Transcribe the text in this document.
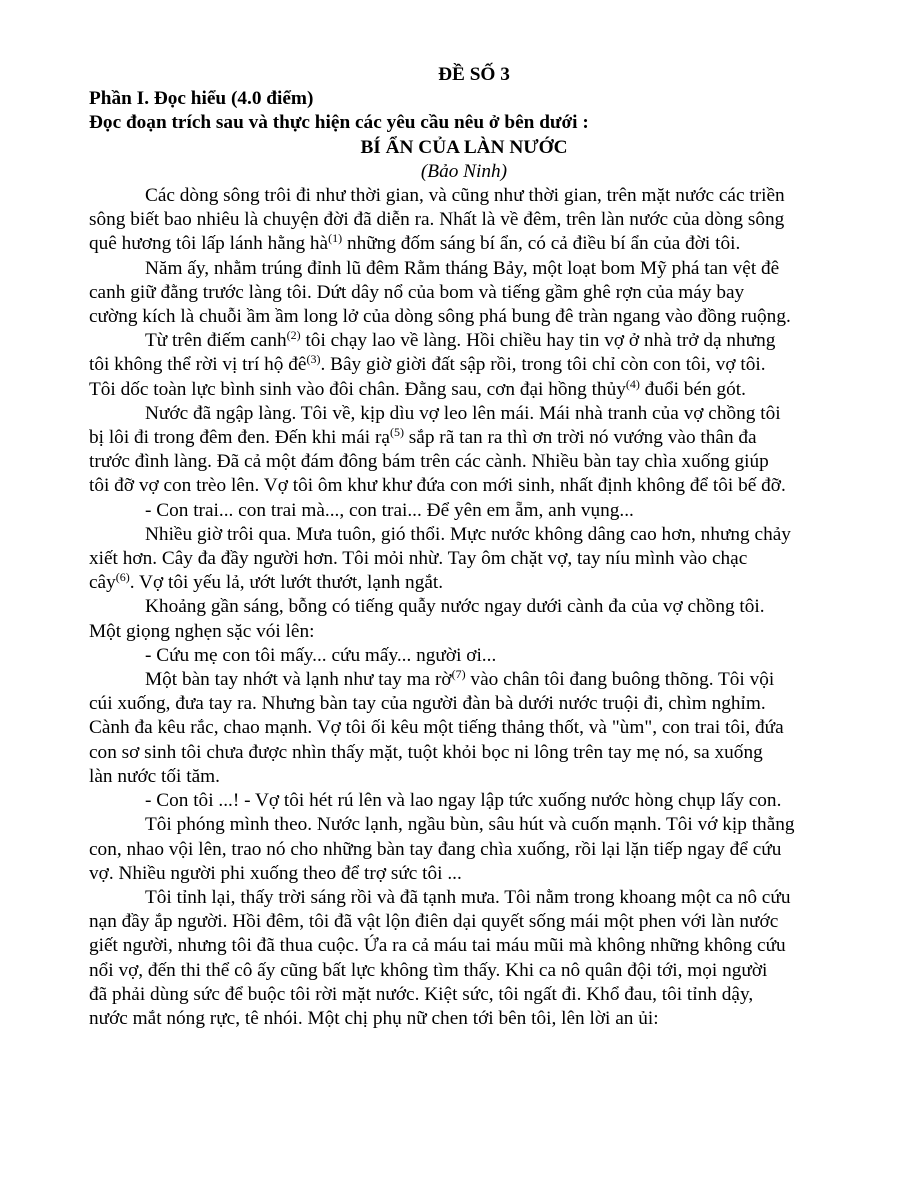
ĐỀ SỐ 3
Phần I. Đọc hiểu (4.0 điểm)
Đọc đoạn trích sau và thực hiện các yêu cầu nêu ở bên dưới :
BÍ ẨN CỦA LÀN NƯỚC
(Bảo Ninh)
Các dòng sông trôi đi như thời gian, và cũng như thời gian, trên mặt nước các triền
sông biết bao nhiêu là chuyện đời đã diễn ra. Nhất là về đêm, trên làn nước của dòng sông
quê hương tôi lấp lánh hằng $hà^{(1)}$ những đốm sáng bí ẩn, có cả điều bí ẩn của đời tôi.
Năm ấy, nhằm trúng đỉnh lũ đêm Rằm tháng Bảy, một loạt bom Mỹ phá tan vệt đê
canh giữ đằng trước làng tôi. Dứt dây nổ của bom và tiếng gầm ghê rợn của máy bay
cường kích là chuỗi ầm ầm long lở của dòng sông phá bung đê tràn ngang vào đồng ruộng.
Từ trên điếm canh$^{(2)}$ tôi chạy lao về làng. Hồi chiều hay tin vợ ở nhà trở dạ nhưng
tôi không thể rời vị trí hộ $đê^{(3)}$. Bây giờ giời đất sập rồi, trong tôi chỉ còn con tôi, vợ tôi.
Tôi dốc toàn lực bình sinh vào đôi chân. Đằng sau, cơn đại hồng thủy$^{(4)}$ đuổi bén gót.
Nước đã ngập làng. Tôi về, kịp dìu vợ leo lên mái. Mái nhà tranh của vợ chồng tôi
bị lôi đi trong đêm đen. Đến khi mái rạ$^{(5)}$ sắp rã tan ra thì ơn trời nó vướng vào thân đa
trước đình làng. Đã cả một đám đông bám trên các cành. Nhiều bàn tay chìa xuống giúp
tôi đỡ vợ con trèo lên. Vợ tôi ôm khư khư đứa con mới sinh, nhất định không để tôi bế đỡ.
- Con trai... con trai mà..., con trai... Để yên em ẵm, anh vụng...
Nhiều giờ trôi qua. Mưa tuôn, gió thổi. Mực nước không dâng cao hơn, nhưng chảy
xiết hơn. Cây đa đầy người hơn. Tôi mỏi nhừ. Tay ôm chặt vợ, tay níu mình vào chạc
cây$^{(6)}$. Vợ tôi yếu lả, ướt lướt thướt, lạnh ngắt.
Khoảng gần sáng, bỗng có tiếng quẫy nước ngay dưới cành đa của vợ chồng tôi.
Một giọng nghẹn sặc vói lên:
- Cứu mẹ con tôi mấy... cứu mấy... người ơi...
Một bàn tay nhớt và lạnh như tay ma rờ$^{(7)}$ vào chân tôi đang buông thõng. Tôi vội
cúi xuống, đưa tay ra. Nhưng bàn tay của người đàn bà dưới nước truội đi, chìm nghỉm.
Cành đa kêu rắc, chao mạnh. Vợ tôi ối kêu một tiếng thảng thốt, và "ùm", con trai tôi, đứa
con sơ sinh tôi chưa được nhìn thấy mặt, tuột khỏi bọc ni lông trên tay mẹ nó, sa xuống
làn nước tối tăm.
- Con tôi ...! - Vợ tôi hét rú lên và lao ngay lập tức xuống nước hòng chụp lấy con.
Tôi phóng mình theo. Nước lạnh, ngầu bùn, sâu hút và cuốn mạnh. Tôi vớ kịp thằng
con, nhao vội lên, trao nó cho những bàn tay đang chìa xuống, rồi lại lặn tiếp ngay để cứu
vợ. Nhiều người phi xuống theo để trợ sức tôi ...
Tôi tỉnh lại, thấy trời sáng rồi và đã tạnh mưa. Tôi nằm trong khoang một ca nô cứu
nạn đầy ắp người. Hồi đêm, tôi đã vật lộn điên dại quyết sống mái một phen với làn nước
giết người, nhưng tôi đã thua cuộc. Ứa ra cả máu tai máu mũi mà không những không cứu
nổi vợ, đến thi thể cô ấy cũng bất lực không tìm thấy. Khi ca nô quân đội tới, mọi người
đã phải dùng sức để buộc tôi rời mặt nước. Kiệt sức, tôi ngất đi. Khổ đau, tôi tỉnh dậy,
nước mắt nóng rực, tê nhói. Một chị phụ nữ chen tới bên tôi, lên lời an ủi:
